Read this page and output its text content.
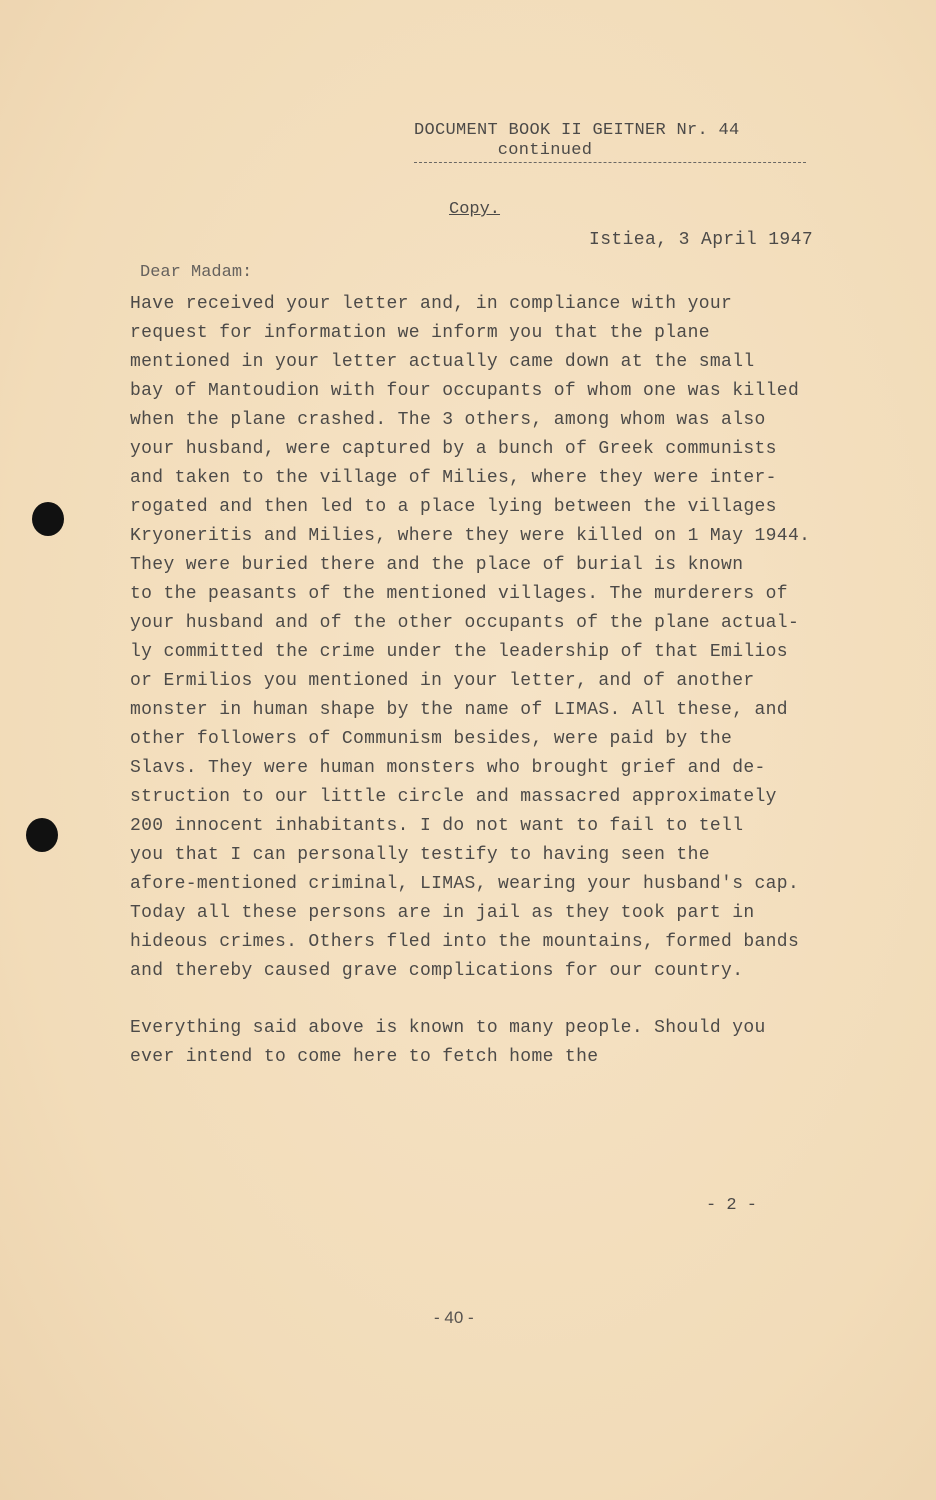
DOCUMENT BOOK II GEITNER Nr. 44
continued
Copy.
Istiea, 3 April 1947
Dear Madam:
Have received your letter and, in compliance with your
request for information we inform you that the plane
mentioned in your letter actually came down at the small
bay of Mantoudion with four occupants of whom one was killed
when the plane crashed. The 3 others, among whom was also
your husband, were captured by a bunch of Greek communists
and taken to the village of Milies, where they were inter-
rogated and then led to a place lying between the villages
Kryoneritis and Milies, where they were killed on 1 May 1944.
They were buried there and the place of burial is known
to the peasants of the mentioned villages. The murderers of
your husband and of the other occupants of the plane actual-
ly committed the crime under the leadership of that Emilios
or Ermilios you mentioned in your letter, and of another
monster in human shape by the name of LIMAS. All these, and
other followers of Communism besides, were paid by the
Slavs. They were human monsters who brought grief and de-
struction to our little circle and massacred approximately
200 innocent inhabitants. I do not want to fail to tell
you that I can personally testify to having seen the
afore-mentioned criminal, LIMAS, wearing your husband's cap.
Today all these persons are in jail as they took part in
hideous crimes. Others fled into the mountains, formed bands
and thereby caused grave complications for our country.
Everything said above is known to many people. Should you
ever intend to come here to fetch home the
- 2 -
- 40 -
